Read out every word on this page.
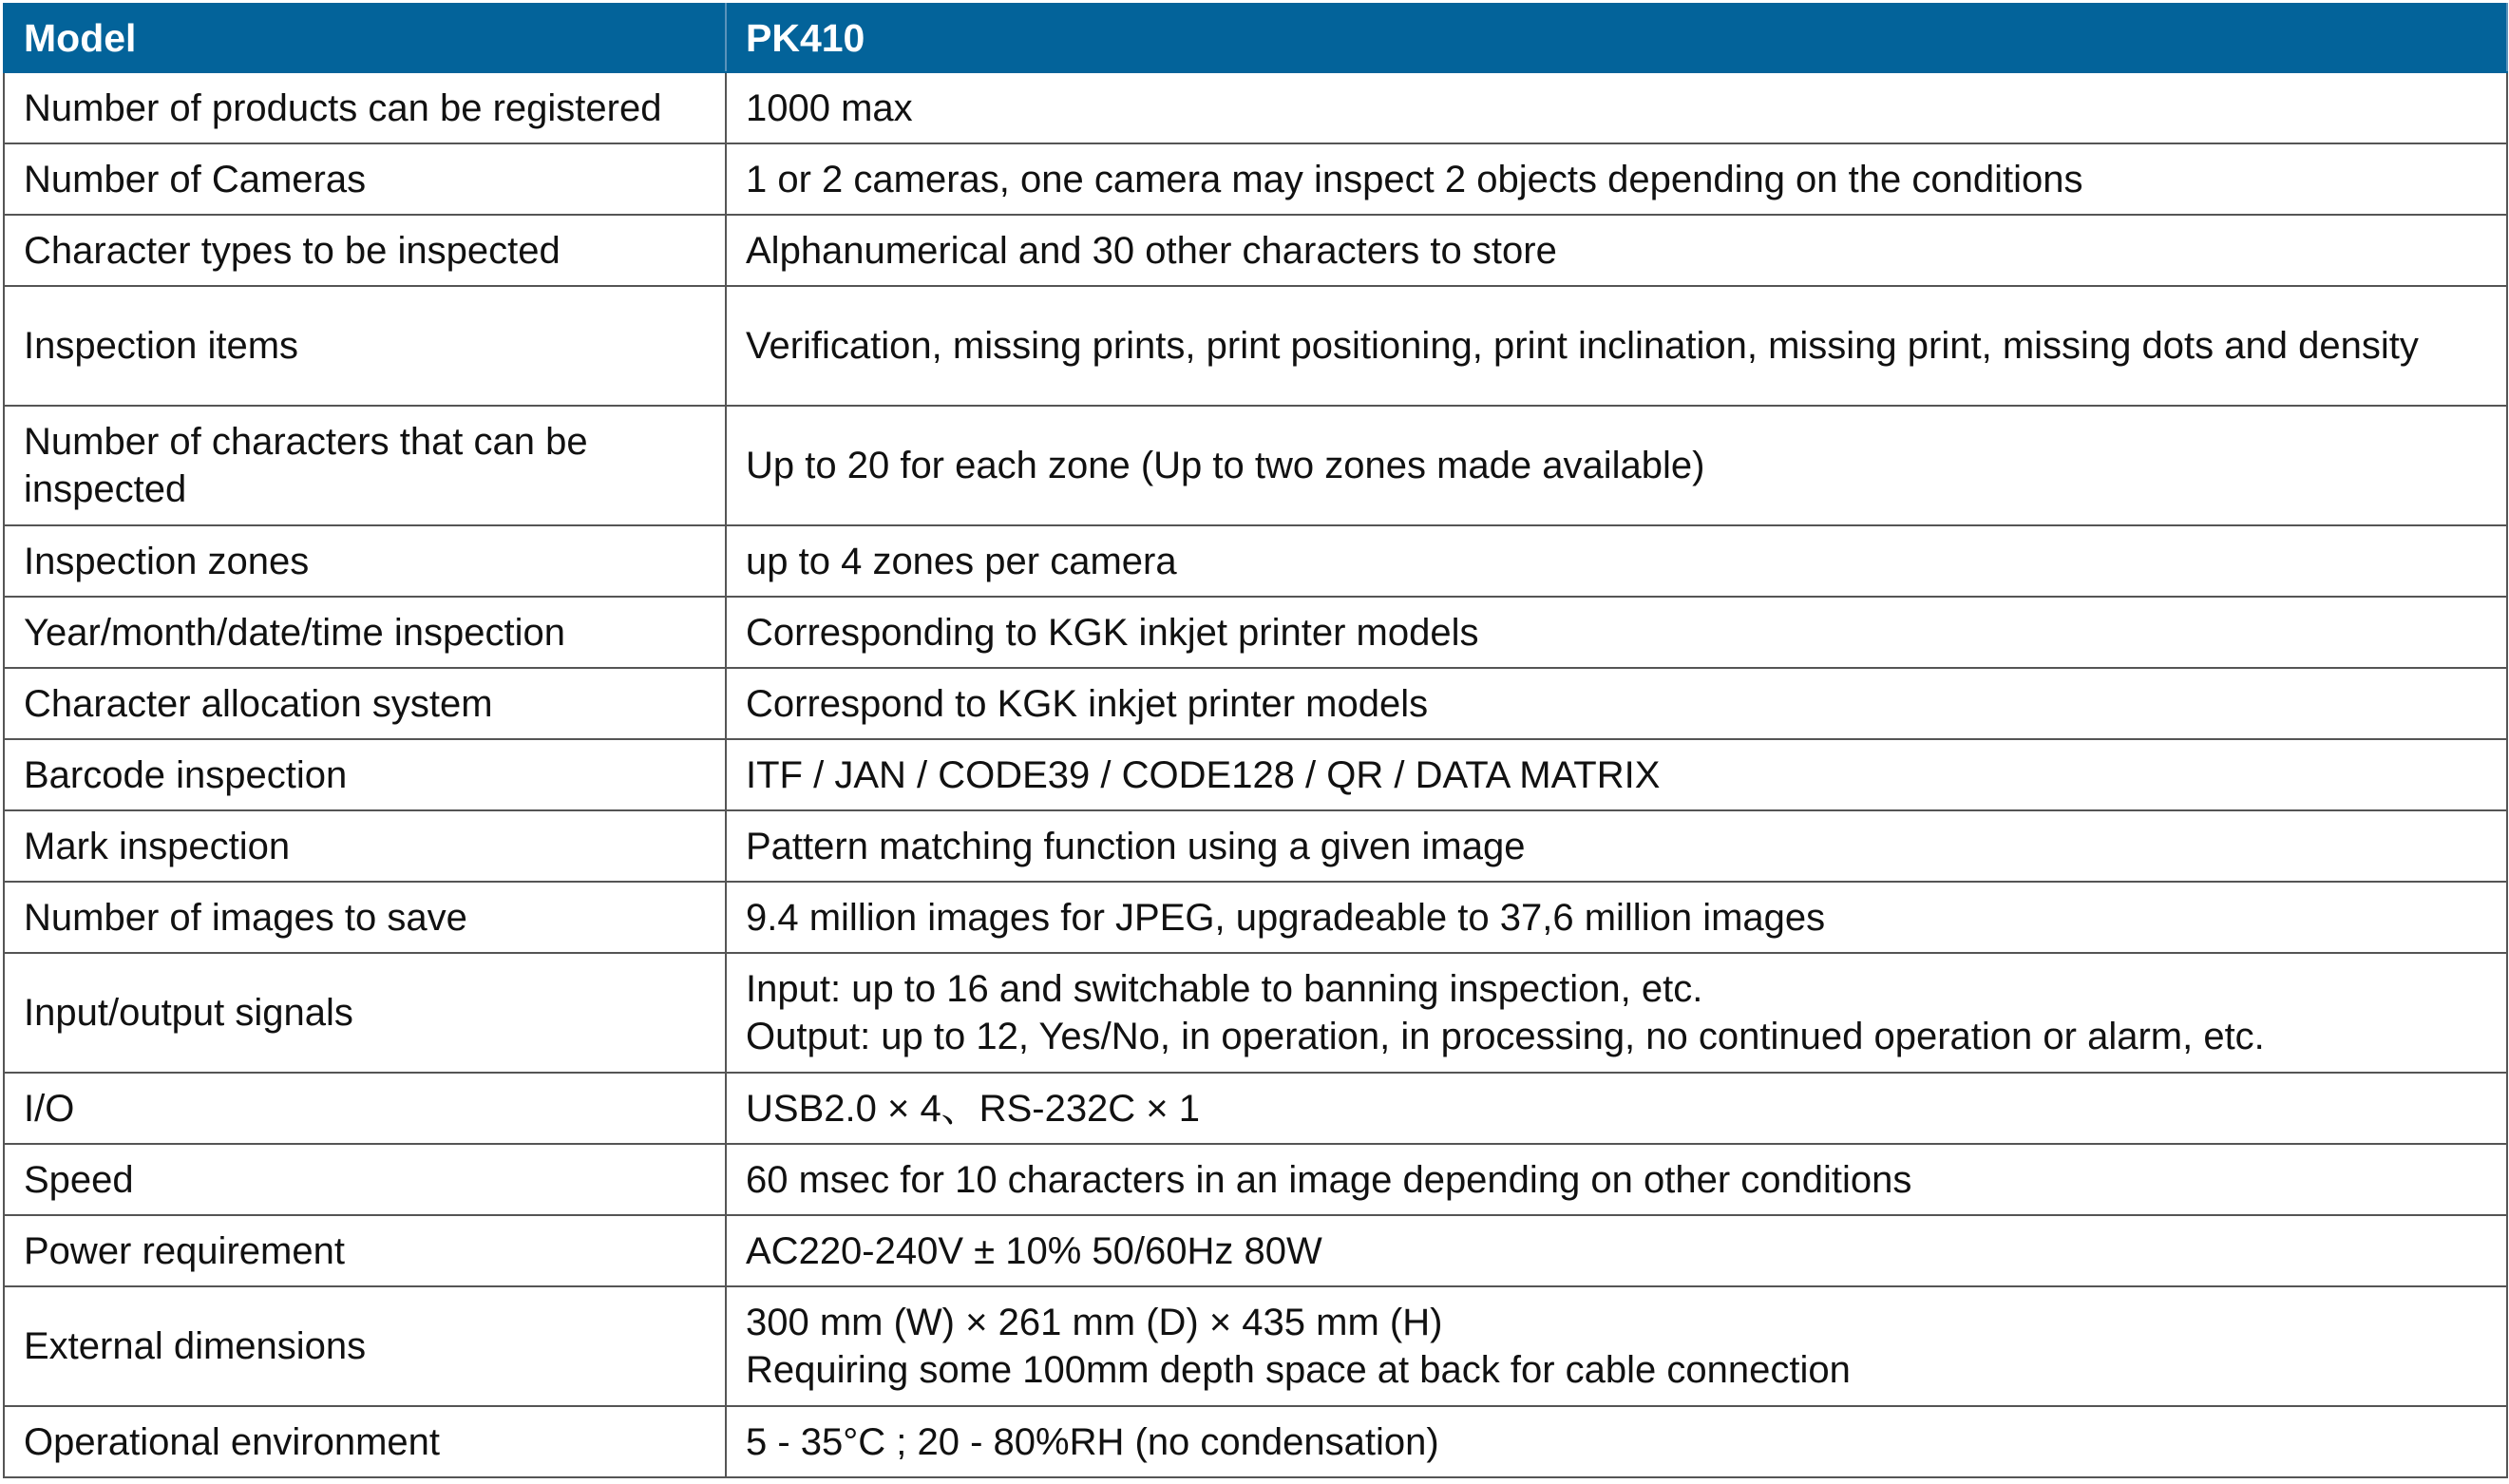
Model	PK410

Number of products can be registered	1000 max

Number of Cameras	1 or 2 cameras, one camera may inspect 2 objects depending on the conditions

Character types to be inspected	Alphanumerical and 30 other characters to store

Inspection items	Verification, missing prints, print positioning, print inclination, missing print, missing dots and density

Number of characters that can be inspected	Up to 20 for each zone (Up to two zones made available)

Inspection zones	up to 4 zones per camera

Year/month/date/time inspection	Corresponding to KGK inkjet printer models

Character allocation system	Correspond to KGK inkjet printer models

Barcode inspection	ITF / JAN / CODE39 / CODE128 / QR / DATA MATRIX

Mark inspection	Pattern matching function using a given image

Number of images to save	9.4 million images for JPEG, upgradeable to 37,6 million images

Input/output signals	Input: up to 16 and switchable to banning inspection, etc.
Output: up to 12, Yes/No, in operation, in processing, no continued operation or alarm, etc.

I/O	USB2.0 × 4、RS-232C × 1

Speed	60 msec for 10 characters in an image depending on other conditions

Power requirement	AC220-240V ± 10% 50/60Hz 80W

External dimensions	300 mm (W) × 261 mm (D) × 435 mm (H)
Requiring some 100mm depth space at back for cable connection

Operational environment	5 - 35°C ; 20 - 80%RH (no condensation)
